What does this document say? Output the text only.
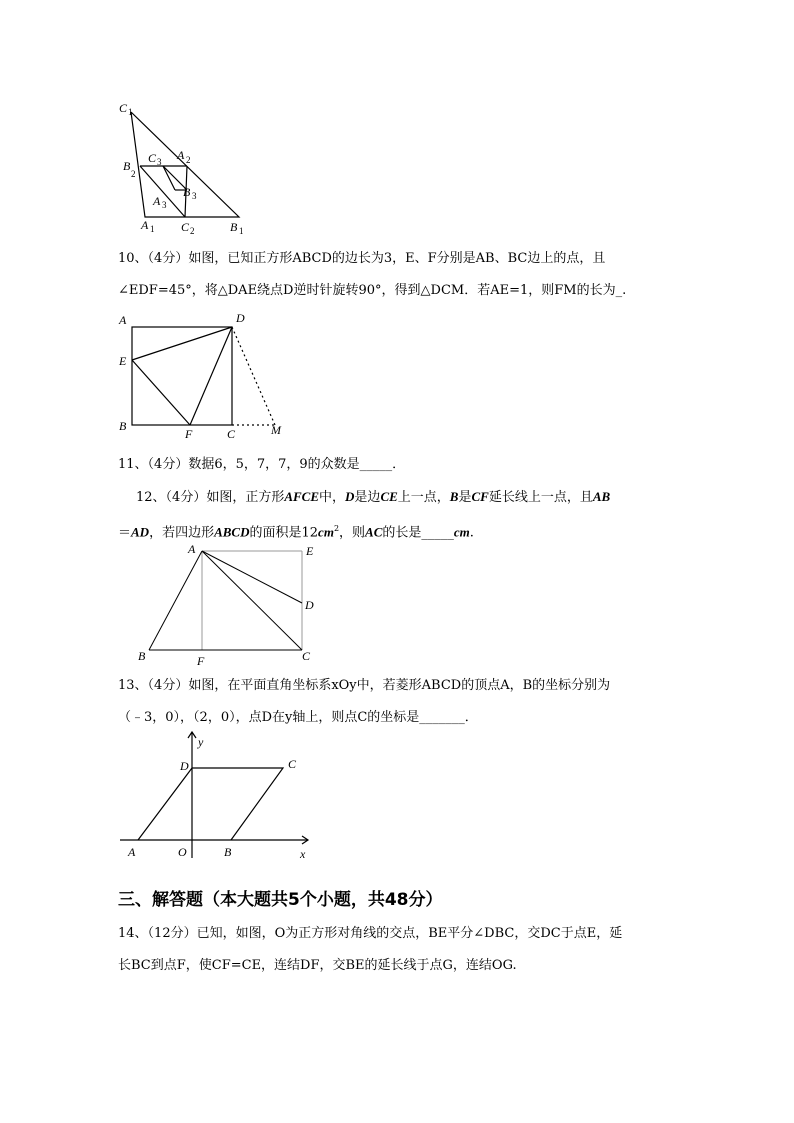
C 1
C 3 A 2
B
2
B 3
A 3
A 1 C 2	B 1
10、（4分）如图，已知正方形ABCD的边长为3，E、F分别是AB、BC边上的点，且
∠EDF=45°，将△DAE绕点D逆时针旋转90°，得到△DCM．若AE=1，则FM的长为_.
A	D
E
B
F	C	M
11、（4分）数据6，5，7，7，9的众数是_____．
12、（4分）如图，正方形AFCE中，D是边CE上一点，B是CF延长线上一点，且AB
＝AD，若四边形ABCD的面积是$12cm^2$，则AC的长是_____cm.
A	E
D
B	F	C
13、（4分）如图，在平面直角坐标系xOy中，若菱形ABCD的顶点A，B的坐标分别为
（﹣3，0），（2，0），点D在y轴上，则点C的坐标是_______．
y
x
D	C
A	O	B
三、解答题（本大题共5个小题，共48分）
14、（12分）已知，如图，O为正方形对角线的交点，BE平分∠DBC，交DC于点E，延
长BC到点F，使CF=CE，连结DF，交BE的延长线于点G，连结OG.
